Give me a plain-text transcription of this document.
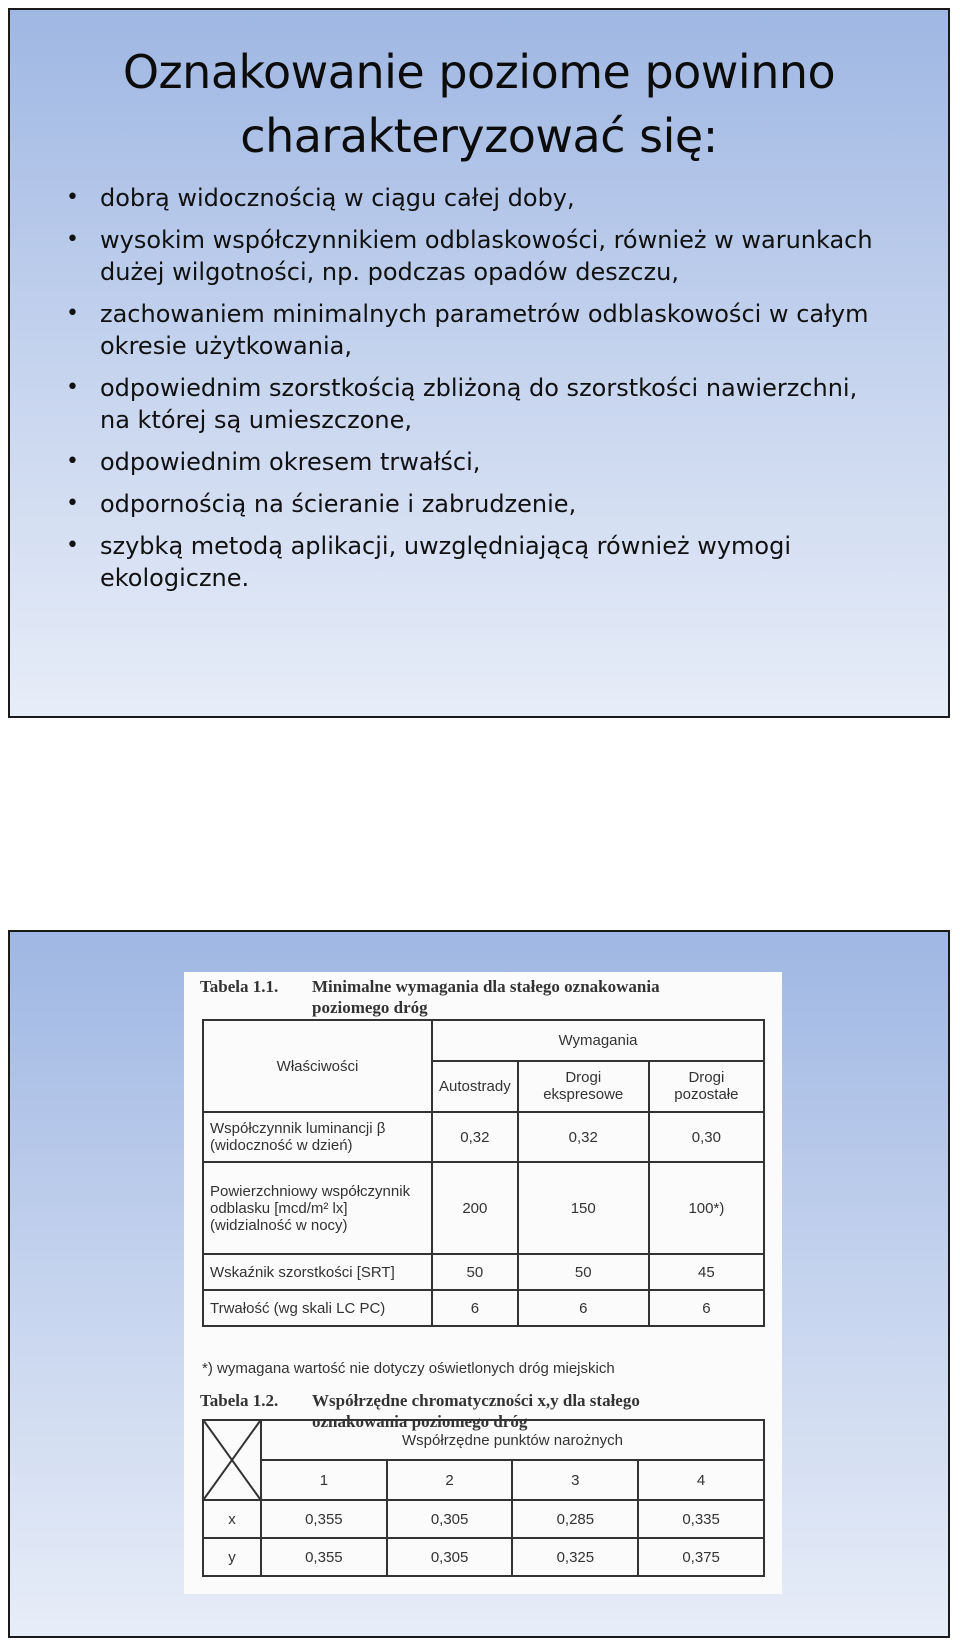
Oznakowanie poziome powinno
charakteryzować się:
• dobrą widocznością w ciągu całej doby,
• wysokim współczynnikiem odblaskowości, również w warunkach dużej wilgotności, np. podczas opadów deszczu,
• zachowaniem minimalnych parametrów odblaskowości w całym okresie użytkowania,
• odpowiednim szorstkością zbliżoną do szorstkości nawierzchni, na której są umieszczone,
• odpowiednim okresem trwałści,
• odpornością na ścieranie i zabrudzenie,
• szybką metodą aplikacji, uwzględniającą również wymogi ekologiczne.
Tabela 1.1. Minimalne wymagania dla stałego oznakowania
poziomego dróg
Właściwości	Wymagania		
	Autostrady	Drogi ekspresowe	Drogi pozostałe
Współczynnik luminancji β (widoczność w dzień)	0,32	0,32	0,30
Powierzchniowy współczynnik odblasku [mcd/m² lx] (widzialność w nocy)	200	150	100*)
Wskaźnik szorstkości [SRT]	50	50	45
Trwałość (wg skali LC PC)	6	6	6
*) wymagana wartość nie dotyczy oświetlonych dróg miejskich
Tabela 1.2. Współrzędne chromatyczności x,y dla stałego
oznakowania poziomego dróg
	Współrzędne punktów narożnych			
	1	2	3	4
x	0,355	0,305	0,285	0,335
y	0,355	0,305	0,325	0,375
